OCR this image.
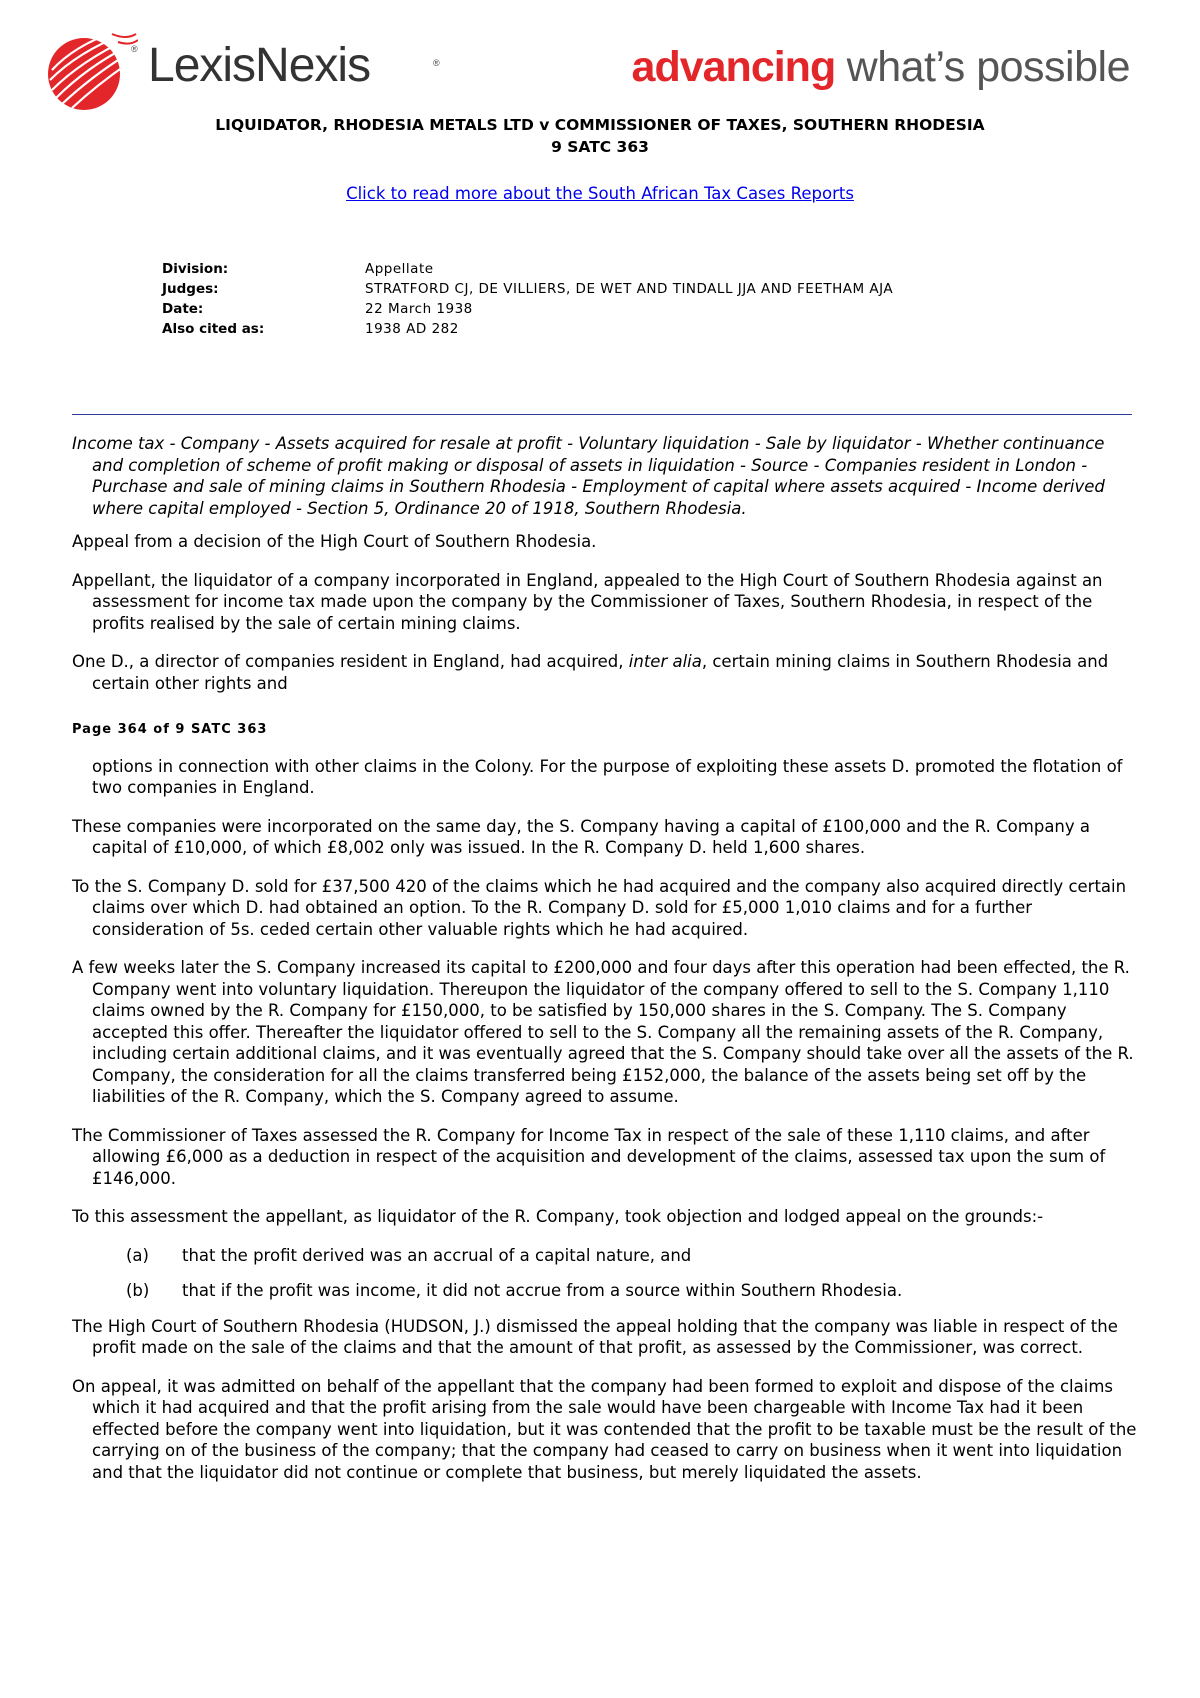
® LexisNexis	®	advancing what’s possible
LIQUIDATOR, RHODESIA METALS LTD v COMMISSIONER OF TAXES, SOUTHERN RHODESIA
9 SATC 363
Click to read more about the South African Tax Cases Reports
Division:	Appellate
Judges:	STRATFORD CJ, DE VILLIERS, DE WET AND TINDALL JJA AND FEETHAM AJA
Date:	22 March 1938
Also cited as:	1938 AD 282

Income tax - Company - Assets acquired for resale at profit - Voluntary liquidation - Sale by liquidator - Whether continuance and completion of scheme of profit making or disposal of assets in liquidation - Source - Companies resident in London - Purchase and sale of mining claims in Southern Rhodesia - Employment of capital where assets acquired - Income derived where capital employed - Section 5, Ordinance 20 of 1918, Southern Rhodesia.

Appeal from a decision of the High Court of Southern Rhodesia.

Appellant, the liquidator of a company incorporated in England, appealed to the High Court of Southern Rhodesia against an assessment for income tax made upon the company by the Commissioner of Taxes, Southern Rhodesia, in respect of the profits realised by the sale of certain mining claims.

One D., a director of companies resident in England, had acquired, inter alia, certain mining claims in Southern Rhodesia and certain other rights and

Page 364 of 9 SATC 363

options in connection with other claims in the Colony. For the purpose of exploiting these assets D. promoted the flotation of two companies in England.

These companies were incorporated on the same day, the S. Company having a capital of £100,000 and the R. Company a capital of £10,000, of which £8,002 only was issued. In the R. Company D. held 1,600 shares.

To the S. Company D. sold for £37,500 420 of the claims which he had acquired and the company also acquired directly certain claims over which D. had obtained an option. To the R. Company D. sold for £5,000 1,010 claims and for a further consideration of 5s. ceded certain other valuable rights which he had acquired.

A few weeks later the S. Company increased its capital to £200,000 and four days after this operation had been effected, the R. Company went into voluntary liquidation. Thereupon the liquidator of the company offered to sell to the S. Company 1,110 claims owned by the R. Company for £150,000, to be satisfied by 150,000 shares in the S. Company. The S. Company accepted this offer. Thereafter the liquidator offered to sell to the S. Company all the remaining assets of the R. Company, including certain additional claims, and it was eventually agreed that the S. Company should take over all the assets of the R. Company, the consideration for all the claims transferred being £152,000, the balance of the assets being set off by the liabilities of the R. Company, which the S. Company agreed to assume.

The Commissioner of Taxes assessed the R. Company for Income Tax in respect of the sale of these 1,110 claims, and after allowing £6,000 as a deduction in respect of the acquisition and development of the claims, assessed tax upon the sum of £146,000.

To this assessment the appellant, as liquidator of the R. Company, took objection and lodged appeal on the grounds:-

(a)	that the profit derived was an accrual of a capital nature, and
(b)	that if the profit was income, it did not accrue from a source within Southern Rhodesia.

The High Court of Southern Rhodesia (HUDSON, J.) dismissed the appeal holding that the company was liable in respect of the profit made on the sale of the claims and that the amount of that profit, as assessed by the Commissioner, was correct.

On appeal, it was admitted on behalf of the appellant that the company had been formed to exploit and dispose of the claims which it had acquired and that the profit arising from the sale would have been chargeable with Income Tax had it been effected before the company went into liquidation, but it was contended that the profit to be taxable must be the result of the carrying on of the business of the company; that the company had ceased to carry on business when it went into liquidation and that the liquidator did not continue or complete that business, but merely liquidated the assets.
